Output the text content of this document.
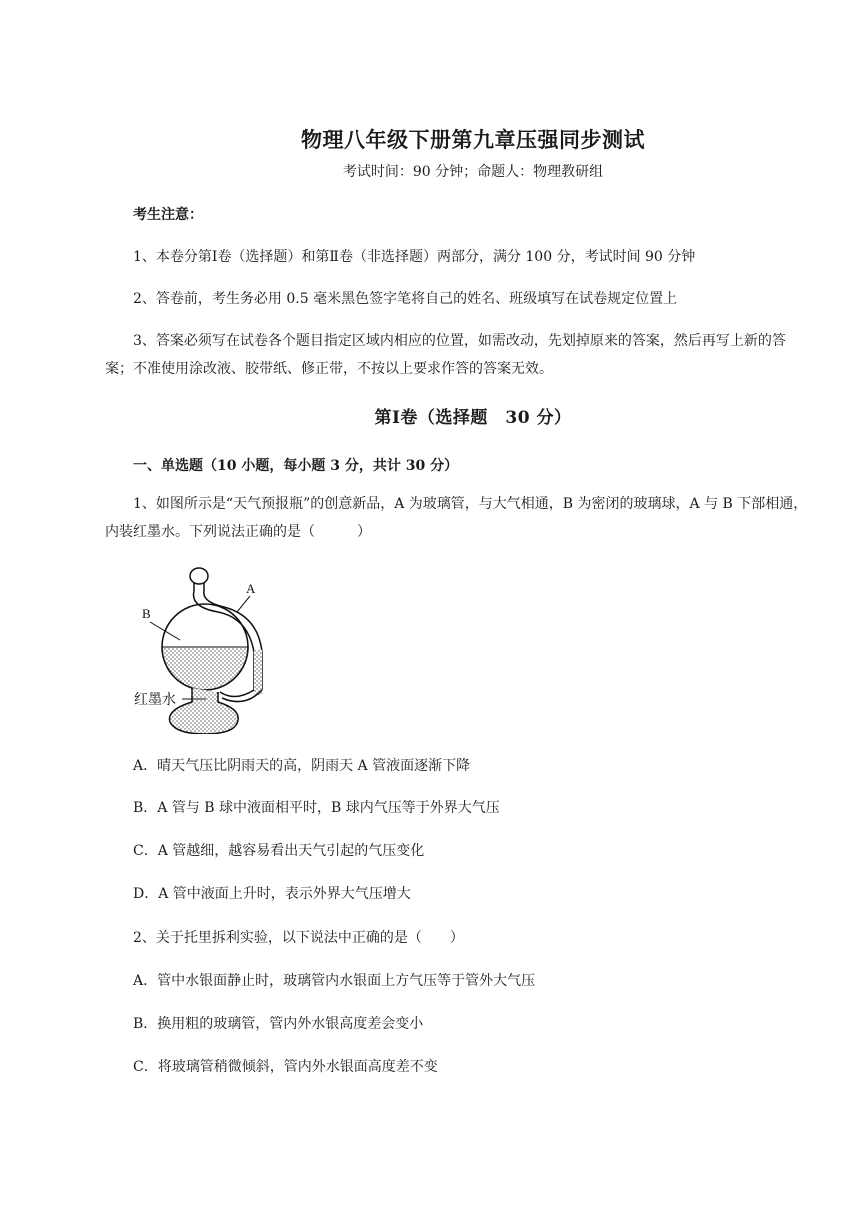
物理八年级下册第九章压强同步测试
考试时间：90 分钟；命题人：物理教研组
考生注意：
1、本卷分第Ⅰ卷（选择题）和第Ⅱ卷（非选择题）两部分，满分 100 分，考试时间 90 分钟
2、答卷前，考生务必用 0.5 毫米黑色签字笔将自己的姓名、班级填写在试卷规定位置上
3、答案必须写在试卷各个题目指定区域内相应的位置，如需改动，先划掉原来的答案，然后再写上新的答案；不准使用涂改液、胶带纸、修正带，不按以上要求作答的答案无效。
第Ⅰ卷（选择题　30 分）
一、单选题（10 小题，每小题 3 分，共计 30 分）
1、如图所示是“天气预报瓶”的创意新品，A 为玻璃管，与大气相通，B 为密闭的玻璃球，A 与 B 下部相通，内装红墨水。下列说法正确的是（　　　）
A
B
红墨水
A．晴天气压比阴雨天的高，阴雨天 A 管液面逐渐下降
B．A 管与 B 球中液面相平时，B 球内气压等于外界大气压
C．A 管越细，越容易看出天气引起的气压变化
D．A 管中液面上升时，表示外界大气压增大
2、关于托里拆利实验，以下说法中正确的是（　　）
A．管中水银面静止时，玻璃管内水银面上方气压等于管外大气压
B．换用粗的玻璃管，管内外水银高度差会变小
C．将玻璃管稍微倾斜，管内外水银面高度差不变
